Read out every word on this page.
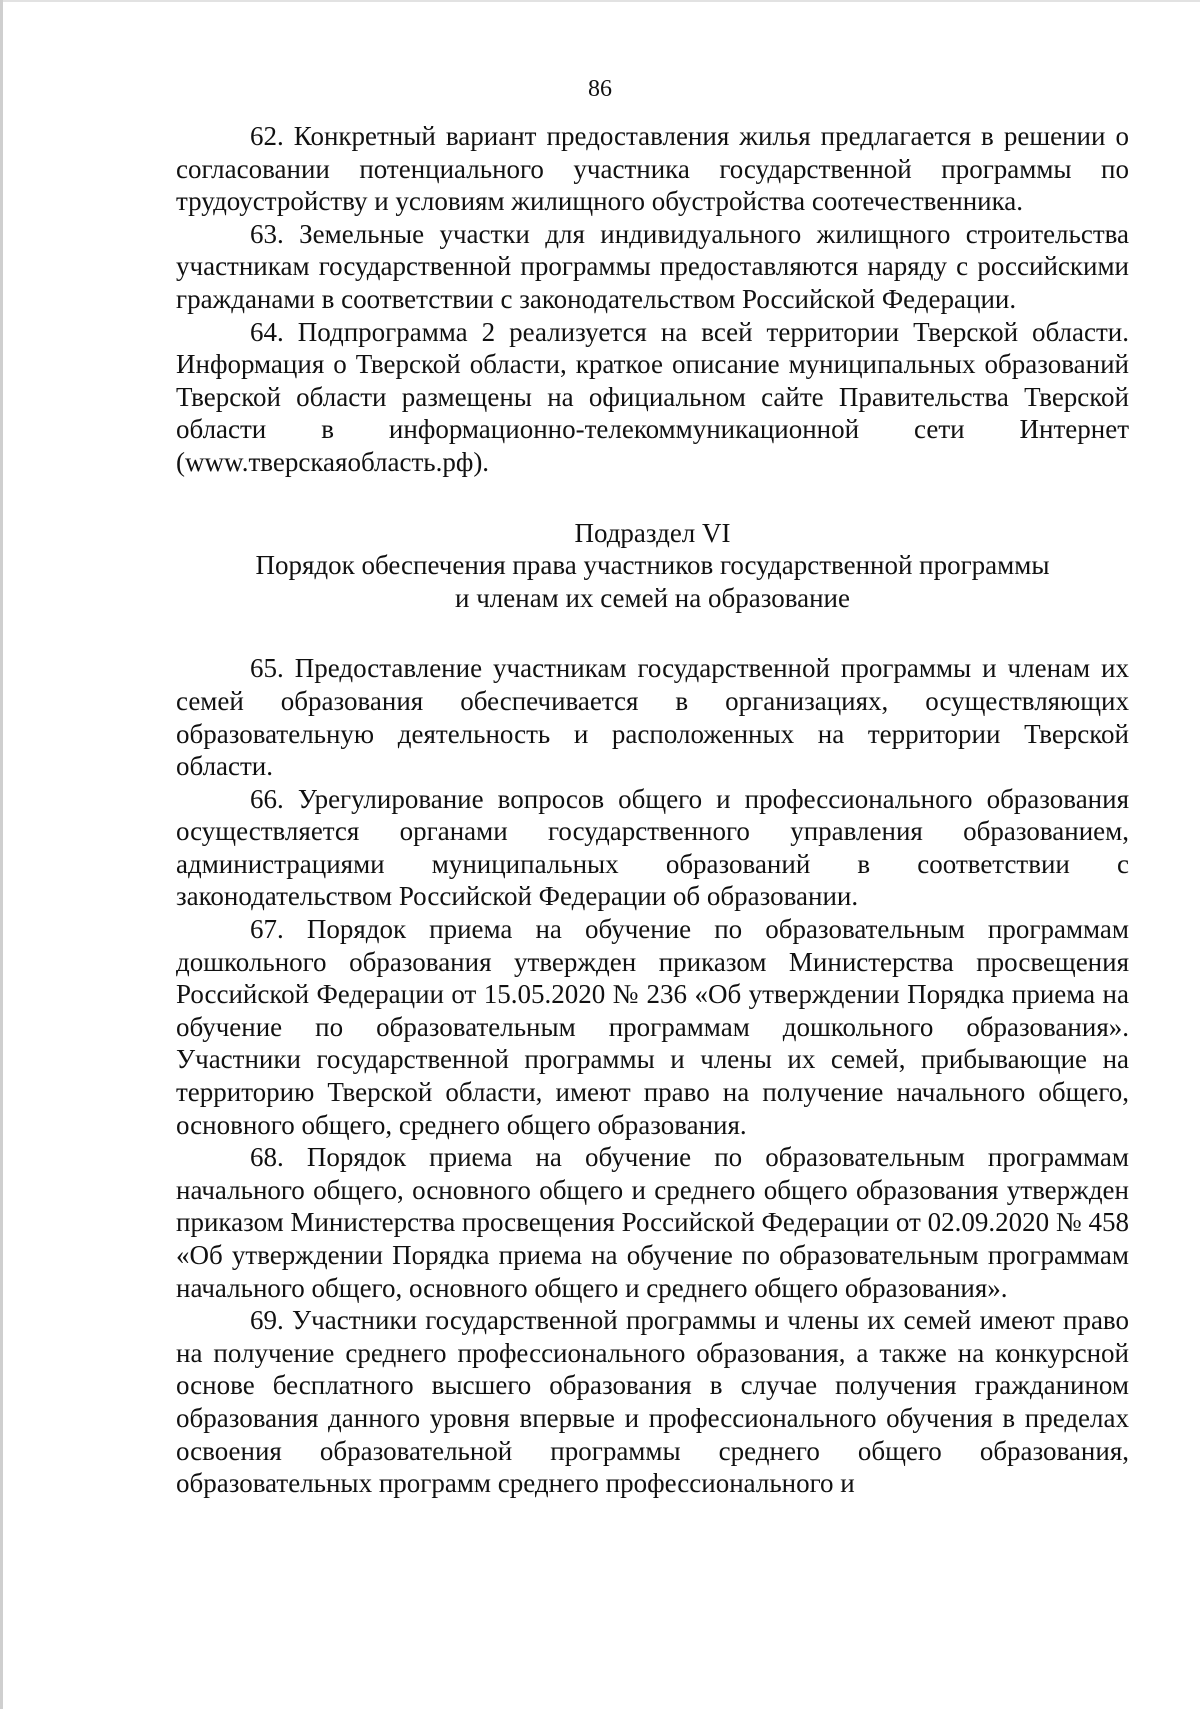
86

62. Конкретный вариант предоставления жилья предлагается в решении о согласовании потенциального участника государственной программы по трудоустройству и условиям жилищного обустройства соотечественника.

63. Земельные участки для индивидуального жилищного строительства участникам государственной программы предоставляются наряду с российскими гражданами в соответствии с законодательством Российской Федерации.

64. Подпрограмма 2 реализуется на всей территории Тверской области. Информация о Тверской области, краткое описание муниципальных образований Тверской области размещены на официальном сайте Правительства Тверской области в информационно-телекоммуникационной сети Интернет (www.тверскаяобласть.рф).

Подраздел VI

Порядок обеспечения права участников государственной программы
и членам их семей на образование

65. Предоставление участникам государственной программы и членам их семей образования обеспечивается в организациях, осуществляющих образовательную деятельность и расположенных на территории Тверской области.

66. Урегулирование вопросов общего и профессионального образования осуществляется органами государственного управления образованием, администрациями муниципальных образований в соответствии с законодательством Российской Федерации об образовании.

67. Порядок приема на обучение по образовательным программам дошкольного образования утвержден приказом Министерства просвещения Российской Федерации от 15.05.2020 № 236 «Об утверждении Порядка приема на обучение по образовательным программам дошкольного образования». Участники государственной программы и члены их семей, прибывающие на территорию Тверской области, имеют право на получение начального общего, основного общего, среднего общего образования.

68. Порядок приема на обучение по образовательным программам начального общего, основного общего и среднего общего образования утвержден приказом Министерства просвещения Российской Федерации от 02.09.2020 № 458 «Об утверждении Порядка приема на обучение по образовательным программам начального общего, основного общего и среднего общего образования».

69. Участники государственной программы и члены их семей имеют право на получение среднего профессионального образования, а также на конкурсной основе бесплатного высшего образования в случае получения гражданином образования данного уровня впервые и профессионального обучения в пределах освоения образовательной программы среднего общего образования, образовательных программ среднего профессионального и
